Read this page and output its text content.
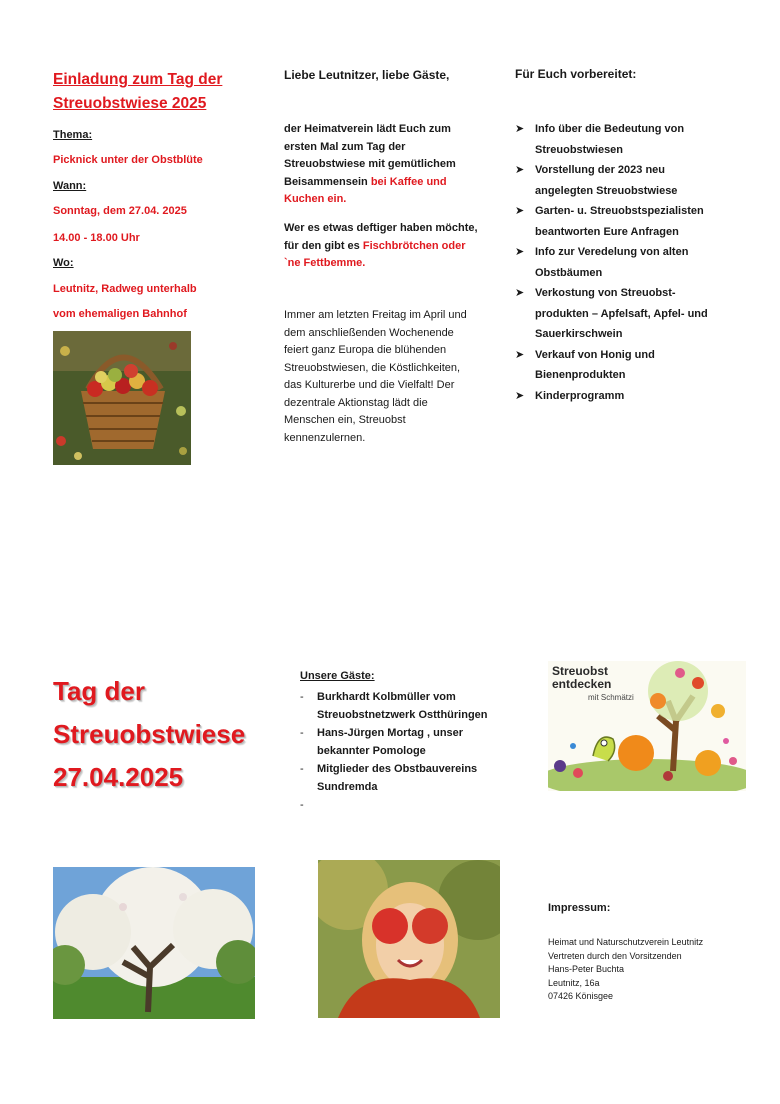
Einladung zum Tag der
Streuobstwiese 2025
Thema:
Picknick unter der Obstblüte
Wann:
Sonntag, dem 27.04. 2025
14.00 - 18.00 Uhr
Wo:
Leutnitz, Radweg unterhalb
vom ehemaligen Bahnhof
Liebe Leutnitzer, liebe Gäste,
der Heimatverein lädt Euch zum ersten Mal zum Tag der Streuobstwiese mit gemütlichem Beisammensein bei Kaffee und Kuchen ein.
Wer es etwas deftiger haben möchte, für den gibt es Fischbrötchen oder `ne Fettbemme.
Immer am letzten Freitag im April und dem anschließenden Wochenende feiert ganz Europa die blühenden Streuobstwiesen, die Köstlichkeiten, das Kulturerbe und die Vielfalt! Der dezentrale Aktionstag lädt die Menschen ein, Streuobst kennenzulernen.
Für Euch vorbereitet:
➤ Info über die Bedeutung von Streuobstwiesen
➤ Vorstellung der 2023 neu angelegten Streuobstwiese
➤ Garten- u. Streuobstspezialisten beantworten Eure Anfragen
➤ Info zur Veredelung von alten Obstbäumen
➤ Verkostung von Streuobst-produkten – Apfelsaft, Apfel- und Sauerkirschwein
➤ Verkauf von Honig und Bienenprodukten
➤ Kinderprogramm
Tag der
Streuobstwiese
27.04.2025
Unsere Gäste:
- Burkhardt Kolbmüller vom Streuobstnetzwerk Ostthüringen
- Hans-Jürgen Mortag , unser bekannter Pomologe
- Mitglieder des Obstbauvereins Sundremda
-
Streuobst
entdecken
mit Schmätzi
Impressum:
Heimat und Naturschutzverein Leutnitz
Vertreten durch den Vorsitzenden
Hans-Peter Buchta
Leutnitz, 16a
07426 Könisgee
